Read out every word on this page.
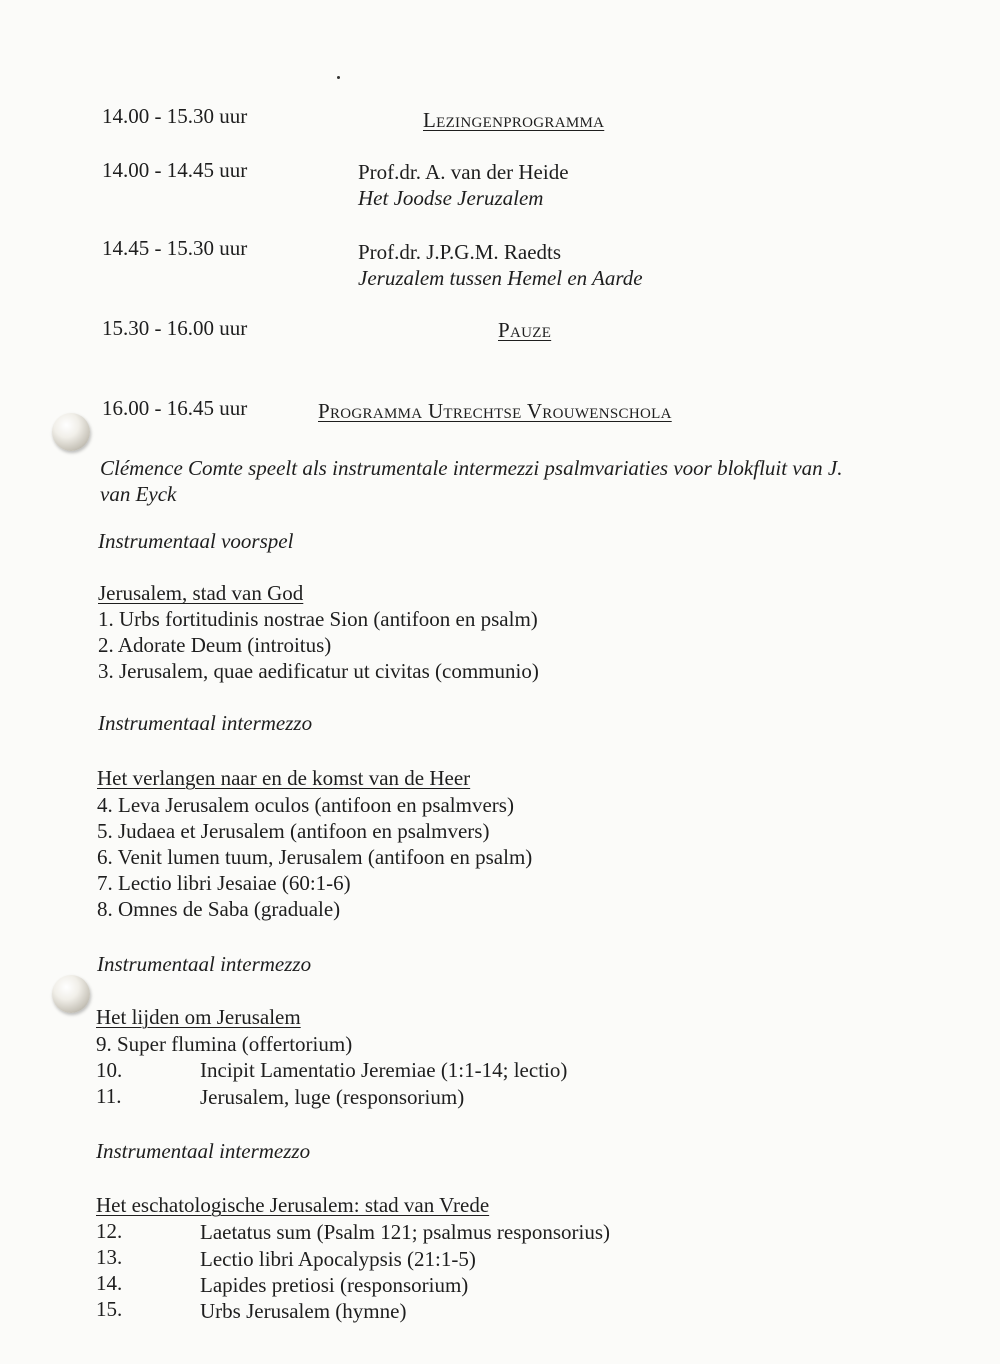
14.00 - 15.30 uur	Lezingenprogramma
14.00 - 14.45 uur	Prof.dr. A. van der Heide
Het Joodse Jeruzalem
14.45 - 15.30 uur	Prof.dr. J.P.G.M. Raedts
Jeruzalem tussen Hemel en Aarde
15.30 - 16.00 uur	Pauze
16.00 - 16.45 uur	Programma Utrechtse Vrouwenschola
Clémence Comte speelt als instrumentale intermezzi psalmvariaties voor blokfluit van J.
van Eyck
Instrumentaal voorspel
Jerusalem, stad van God
1. Urbs fortitudinis nostrae Sion (antifoon en psalm)
2. Adorate Deum (introitus)
3. Jerusalem, quae aedificatur ut civitas (communio)
Instrumentaal intermezzo
Het verlangen naar en de komst van de Heer
4. Leva Jerusalem oculos (antifoon en psalmvers)
5. Judaea et Jerusalem (antifoon en psalmvers)
6. Venit lumen tuum, Jerusalem (antifoon en psalm)
7. Lectio libri Jesaiae (60:1-6)
8. Omnes de Saba (graduale)
Instrumentaal intermezzo
Het lijden om Jerusalem
9. Super flumina (offertorium)
10.	Incipit Lamentatio Jeremiae (1:1-14; lectio)
11.	Jerusalem, luge (responsorium)
Instrumentaal intermezzo
Het eschatologische Jerusalem: stad van Vrede
12.	Laetatus sum (Psalm 121; psalmus responsorius)
13.	Lectio libri Apocalypsis (21:1-5)
14.	Lapides pretiosi (responsorium)
15.	Urbs Jerusalem (hymne)
